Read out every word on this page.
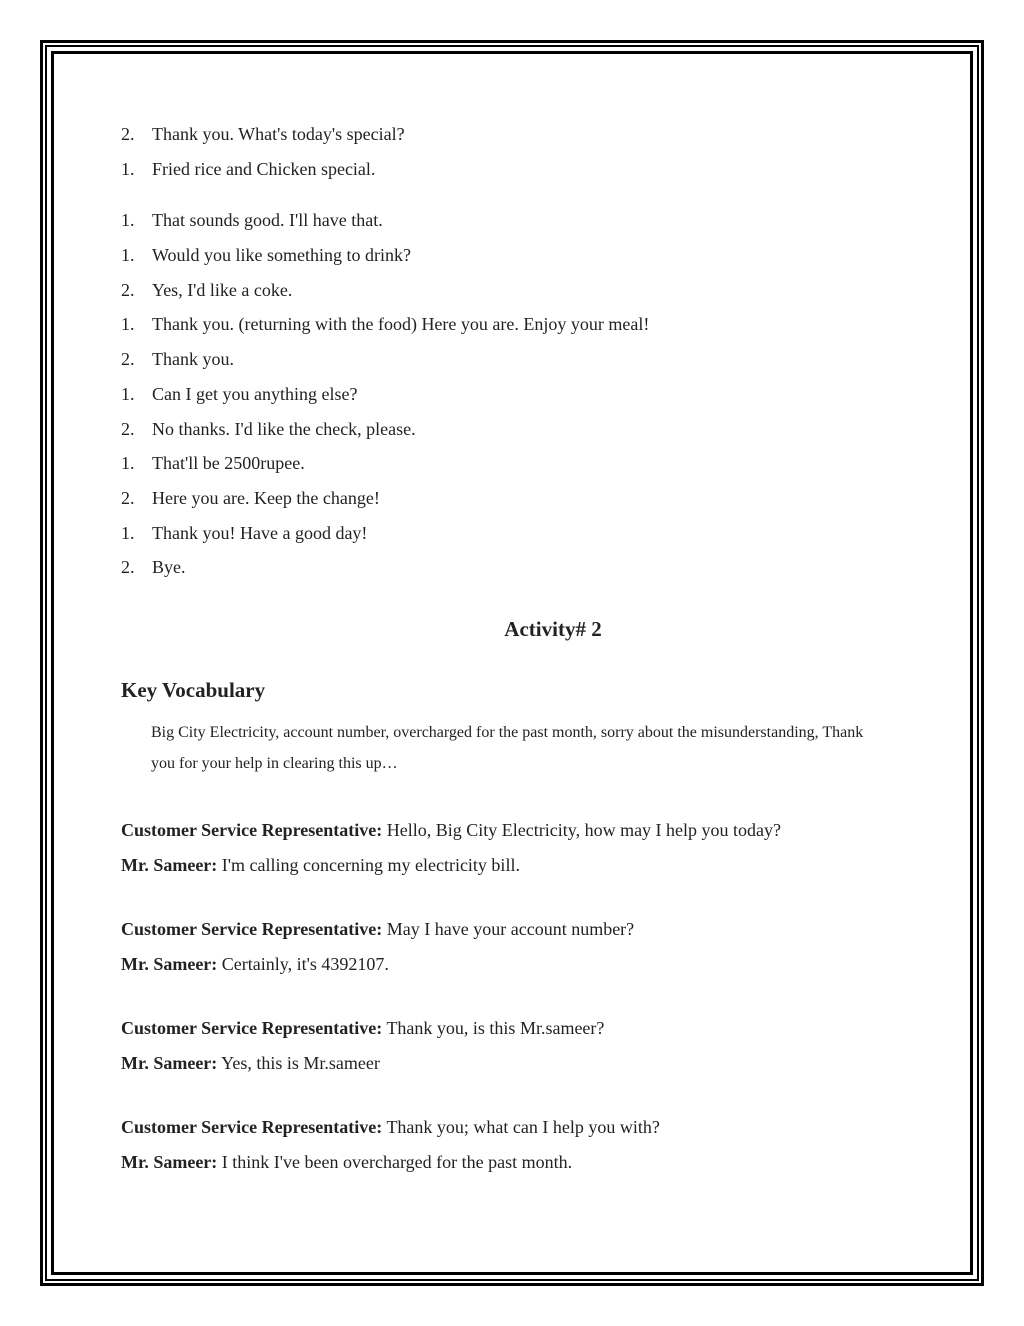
2. Thank you. What's today's special?
1. Fried rice and Chicken special.
1. That sounds good. I'll have that.
1. Would you like something to drink?
2. Yes, I'd like a coke.
1. Thank you. (returning with the food) Here you are. Enjoy your meal!
2. Thank you.
1. Can I get you anything else?
2. No thanks. I'd like the check, please.
1. That'll be 2500rupee.
2. Here you are. Keep the change!
1. Thank you! Have a good day!
2. Bye.
Activity# 2
Key Vocabulary
Big City Electricity, account number, overcharged for the past month, sorry about the misunderstanding, Thank you for your help in clearing this up…
Customer Service Representative: Hello, Big City Electricity, how may I help you today?
Mr. Sameer: I'm calling concerning my electricity bill.
Customer Service Representative: May I have your account number?
Mr. Sameer: Certainly, it's 4392107.
Customer Service Representative: Thank you, is this Mr.sameer?
Mr. Sameer: Yes, this is Mr.sameer
Customer Service Representative: Thank you; what can I help you with?
Mr. Sameer: I think I've been overcharged for the past month.
